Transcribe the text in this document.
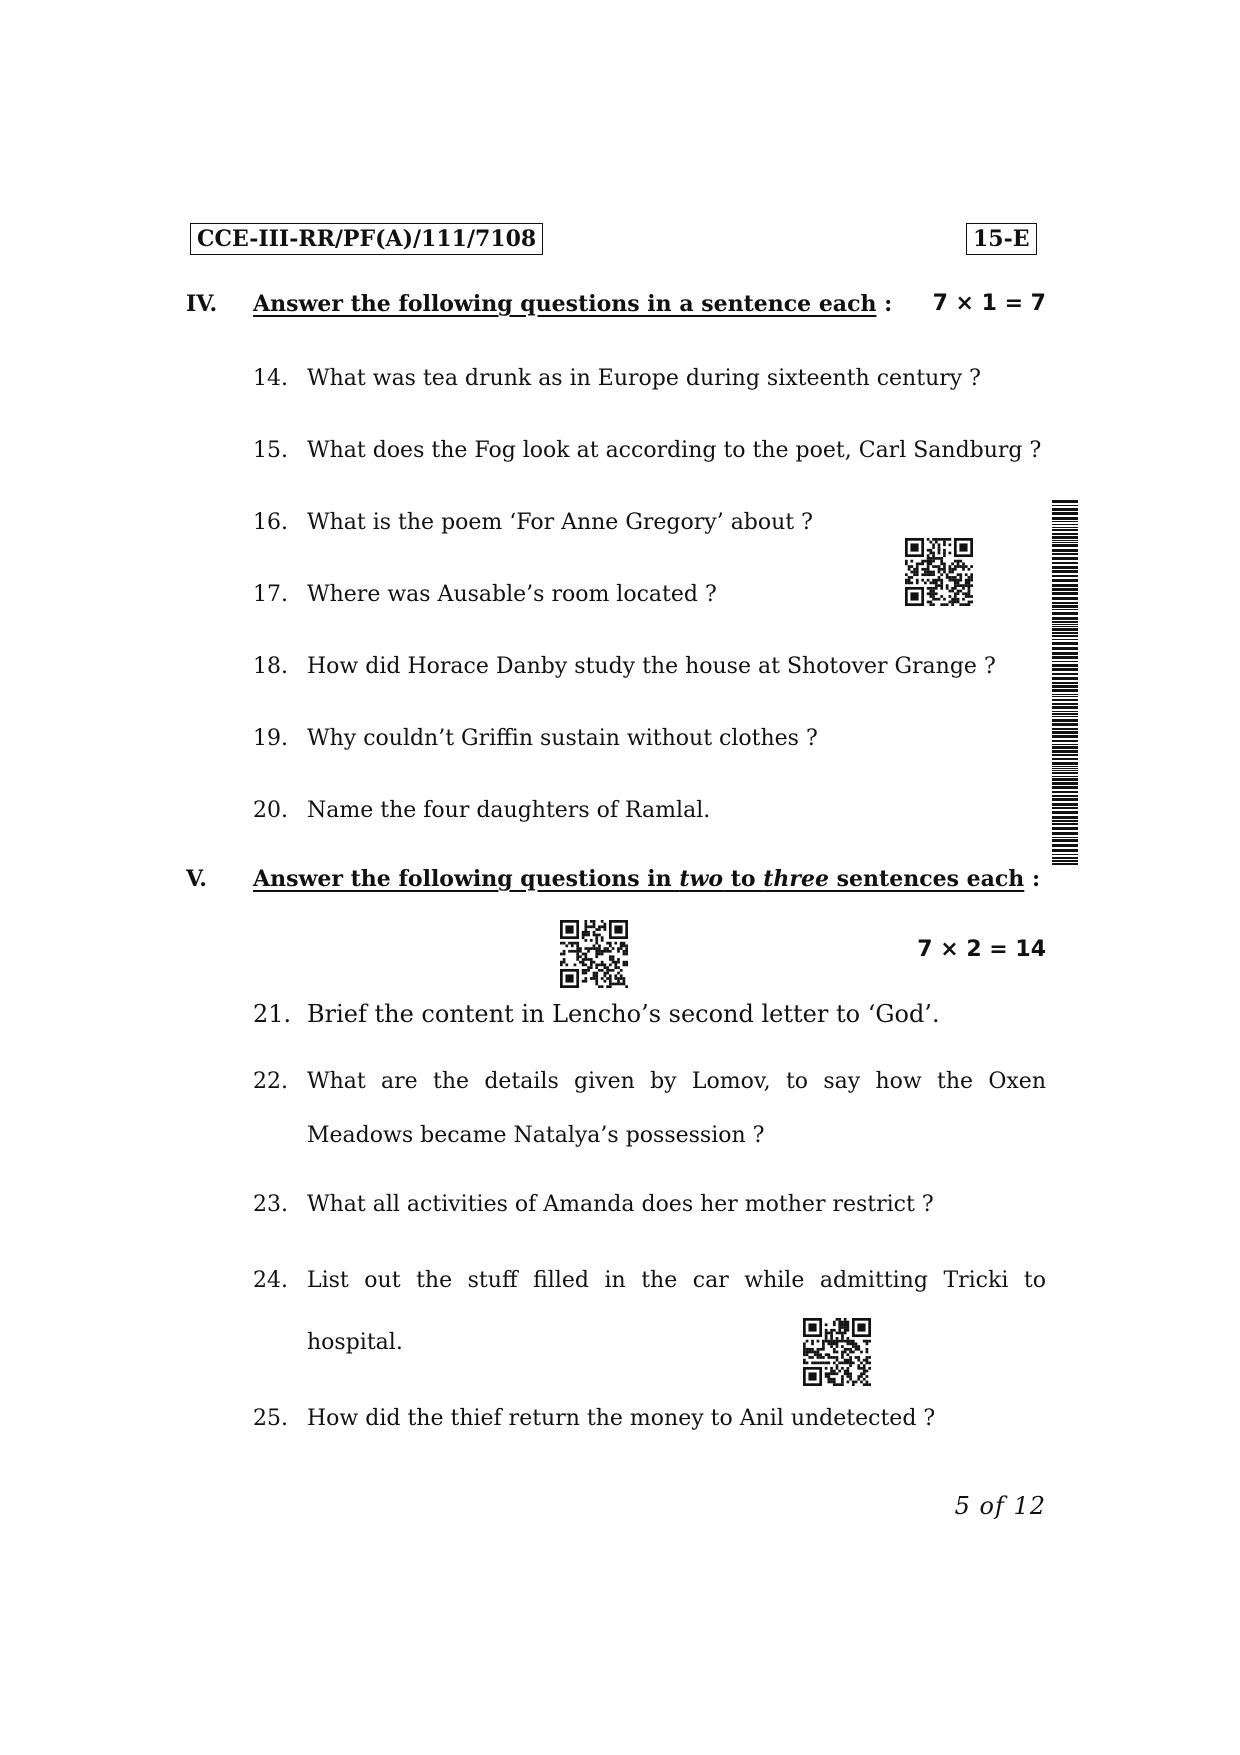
CCE-III-RR/PF(A)/111/7108	15-E
IV. Answer the following questions in a sentence each :	7 × 1 = 7
14. What was tea drunk as in Europe during sixteenth century ?
15. What does the Fog look at according to the poet, Carl Sandburg ?
16. What is the poem ‘For Anne Gregory’ about ?
17. Where was Ausable’s room located ?
18. How did Horace Danby study the house at Shotover Grange ?
19. Why couldn’t Griffin sustain without clothes ?
20. Name the four daughters of Ramlal.
V. Answer the following questions in two to three sentences each :
7 × 2 = 14
21. Brief the content in Lencho’s second letter to ‘God’.
22. What are the details given by Lomov, to say how the Oxen
Meadows became Natalya’s possession ?
23. What all activities of Amanda does her mother restrict ?
24. List out the stuff filled in the car while admitting Tricki to
hospital.
25. How did the thief return the money to Anil undetected ?
5 of 12
